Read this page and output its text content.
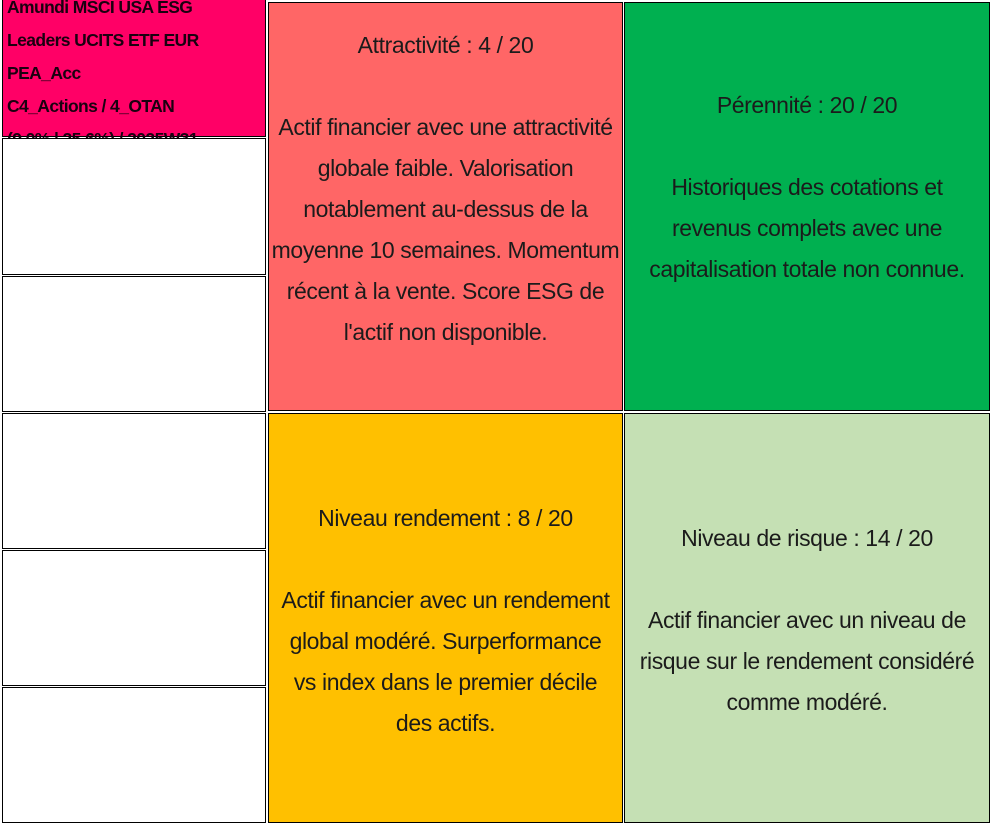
Amundi MSCI USA ESG
Leaders UCITS ETF EUR
PEA_Acc
C4_Actions / 4_OTAN
Attractivité : 4 / 20
Actif financier avec une attractivité globale faible. Valorisation notablement au-dessus de la moyenne 10 semaines. Momentum récent à la vente. Score ESG de l'actif non disponible.
Pérennité : 20 / 20
Historiques des cotations et revenus complets avec une capitalisation totale non connue.
Niveau rendement : 8 / 20
Actif financier avec un rendement global modéré. Surperformance vs index dans le premier décile des actifs.
Niveau de risque : 14 / 20
Actif financier avec un niveau de risque sur le rendement considéré comme modéré.
